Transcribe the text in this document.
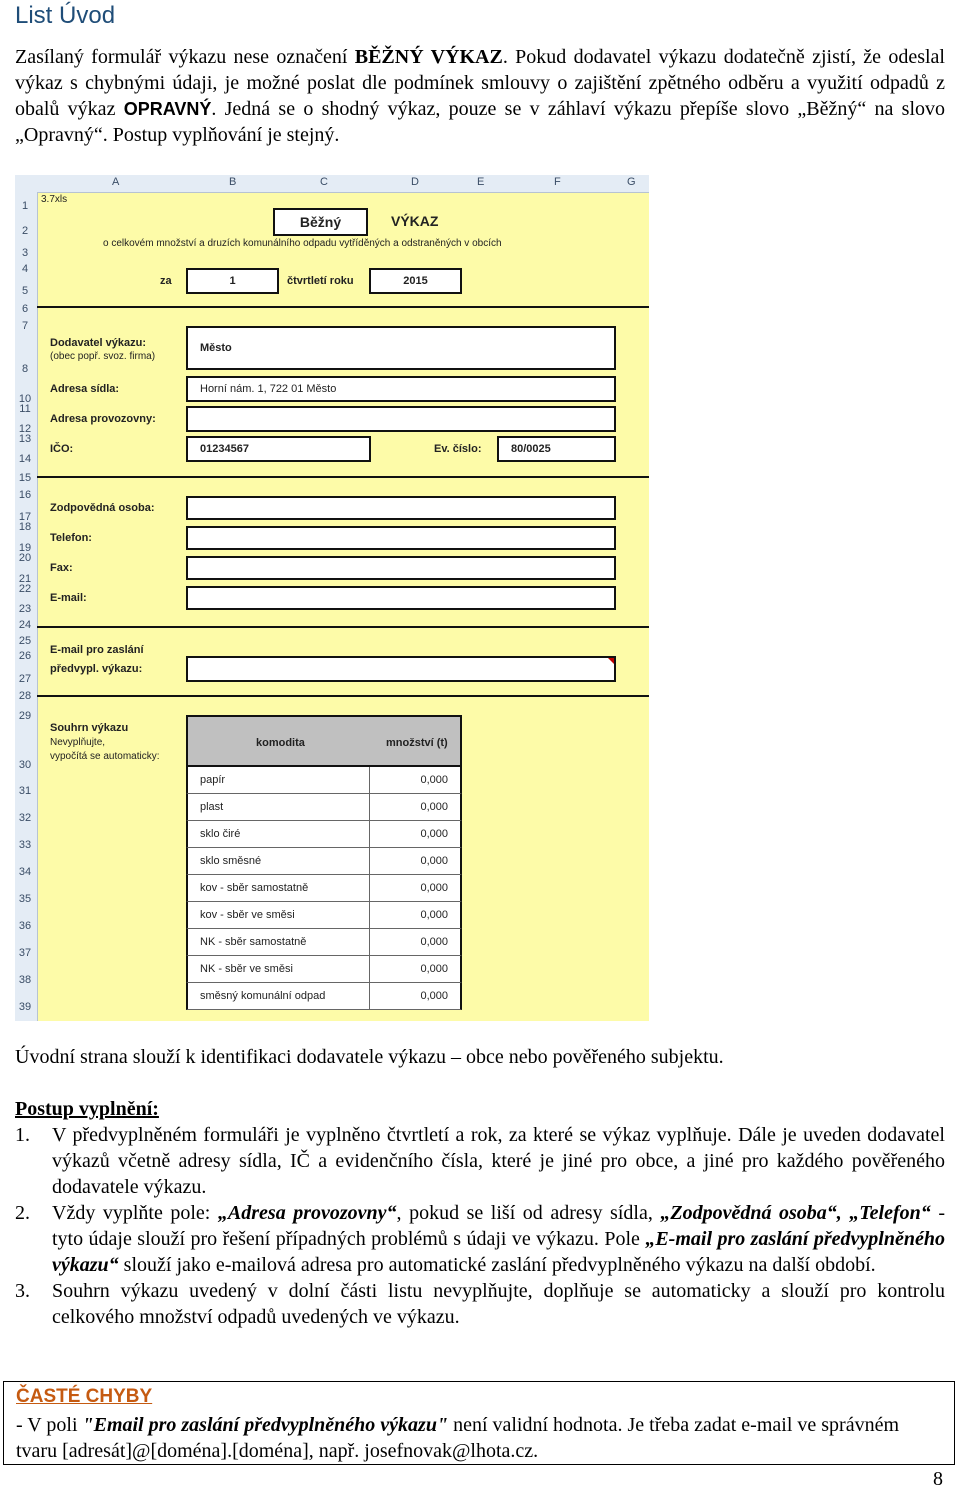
List Úvod

Zasílaný formulář výkazu nese označení BĚŽNÝ VÝKAZ. Pokud dodavatel výkazu dodatečně zjistí, že odeslal výkaz s chybnými údaji, je možné poslat dle podmínek smlouvy o zajištění zpětného odběru a využití odpadů z obalů výkaz OPRAVNÝ. Jedná se o shodný výkaz, pouze se v záhlaví výkazu přepíše slovo „Běžný“ na slovo „Opravný“. Postup vyplňování je stejný.

A	B	C	D	E	F	G
1
2
3
4
5
6
7
8
10
11
12
13
14
15
16
17
18
19
20
21
22
23
24
25
26
27
28
29
30
31
32
33
34
35
36
37
38
39
3.7xls
Běžný	VÝKAZ
o celkovém množství a druzích komunálního odpadu vytříděných a odstraněných v obcích
za	1	čtvrtletí roku	2015
Dodavatel výkazu:
(obec popř. svoz. firma)
Město
Adresa sídla:	Horní nám. 1, 722 01 Město
Adresa provozovny:
IČO:	01234567	Ev. číslo:	80/0025
Zodpovědná osoba:
Telefon:
Fax:
E-mail:
E-mail pro zaslání
předvypl. výkazu:
Souhrn výkazu
Nevyplňujte,
vypočítá se automaticky:
komodita	množství (t)
papír	0,000
plast	0,000
sklo čiré	0,000
sklo směsné	0,000
kov - sběr samostatně	0,000
kov - sběr ve směsi	0,000
NK - sběr samostatně	0,000
NK - sběr ve směsi	0,000
směsný komunální odpad	0,000

Úvodní strana slouží k identifikaci dodavatele výkazu – obce nebo pověřeného subjektu.

Postup vyplnění:

1. V předvyplněném formuláři je vyplněno čtvrtletí a rok, za které se výkaz vyplňuje. Dále je uveden dodavatel výkazů včetně adresy sídla, IČ a evidenčního čísla, které je jiné pro obce, a jiné pro každého pověřeného dodavatele výkazu.
2. Vždy vyplňte pole: „Adresa provozovny“, pokud se liší od adresy sídla, „Zodpovědná osoba“, „Telefon“ - tyto údaje slouží pro řešení případných problémů s údaji ve výkazu. Pole „E-mail pro zaslání předvyplněného výkazu“ slouží jako e-mailová adresa pro automatické zaslání předvyplněného výkazu na další období.
3. Souhrn výkazu uvedený v dolní části listu nevyplňujte, doplňuje se automaticky a slouží pro kontrolu celkového množství odpadů uvedených ve výkazu.
ČASTÉ CHYBY
- V poli "Email pro zaslání předvyplněného výkazu" není validní hodnota. Je třeba zadat e-mail ve správném tvaru [adresát]@[doména].[doména], např. josefnovak@lhota.cz.
8
